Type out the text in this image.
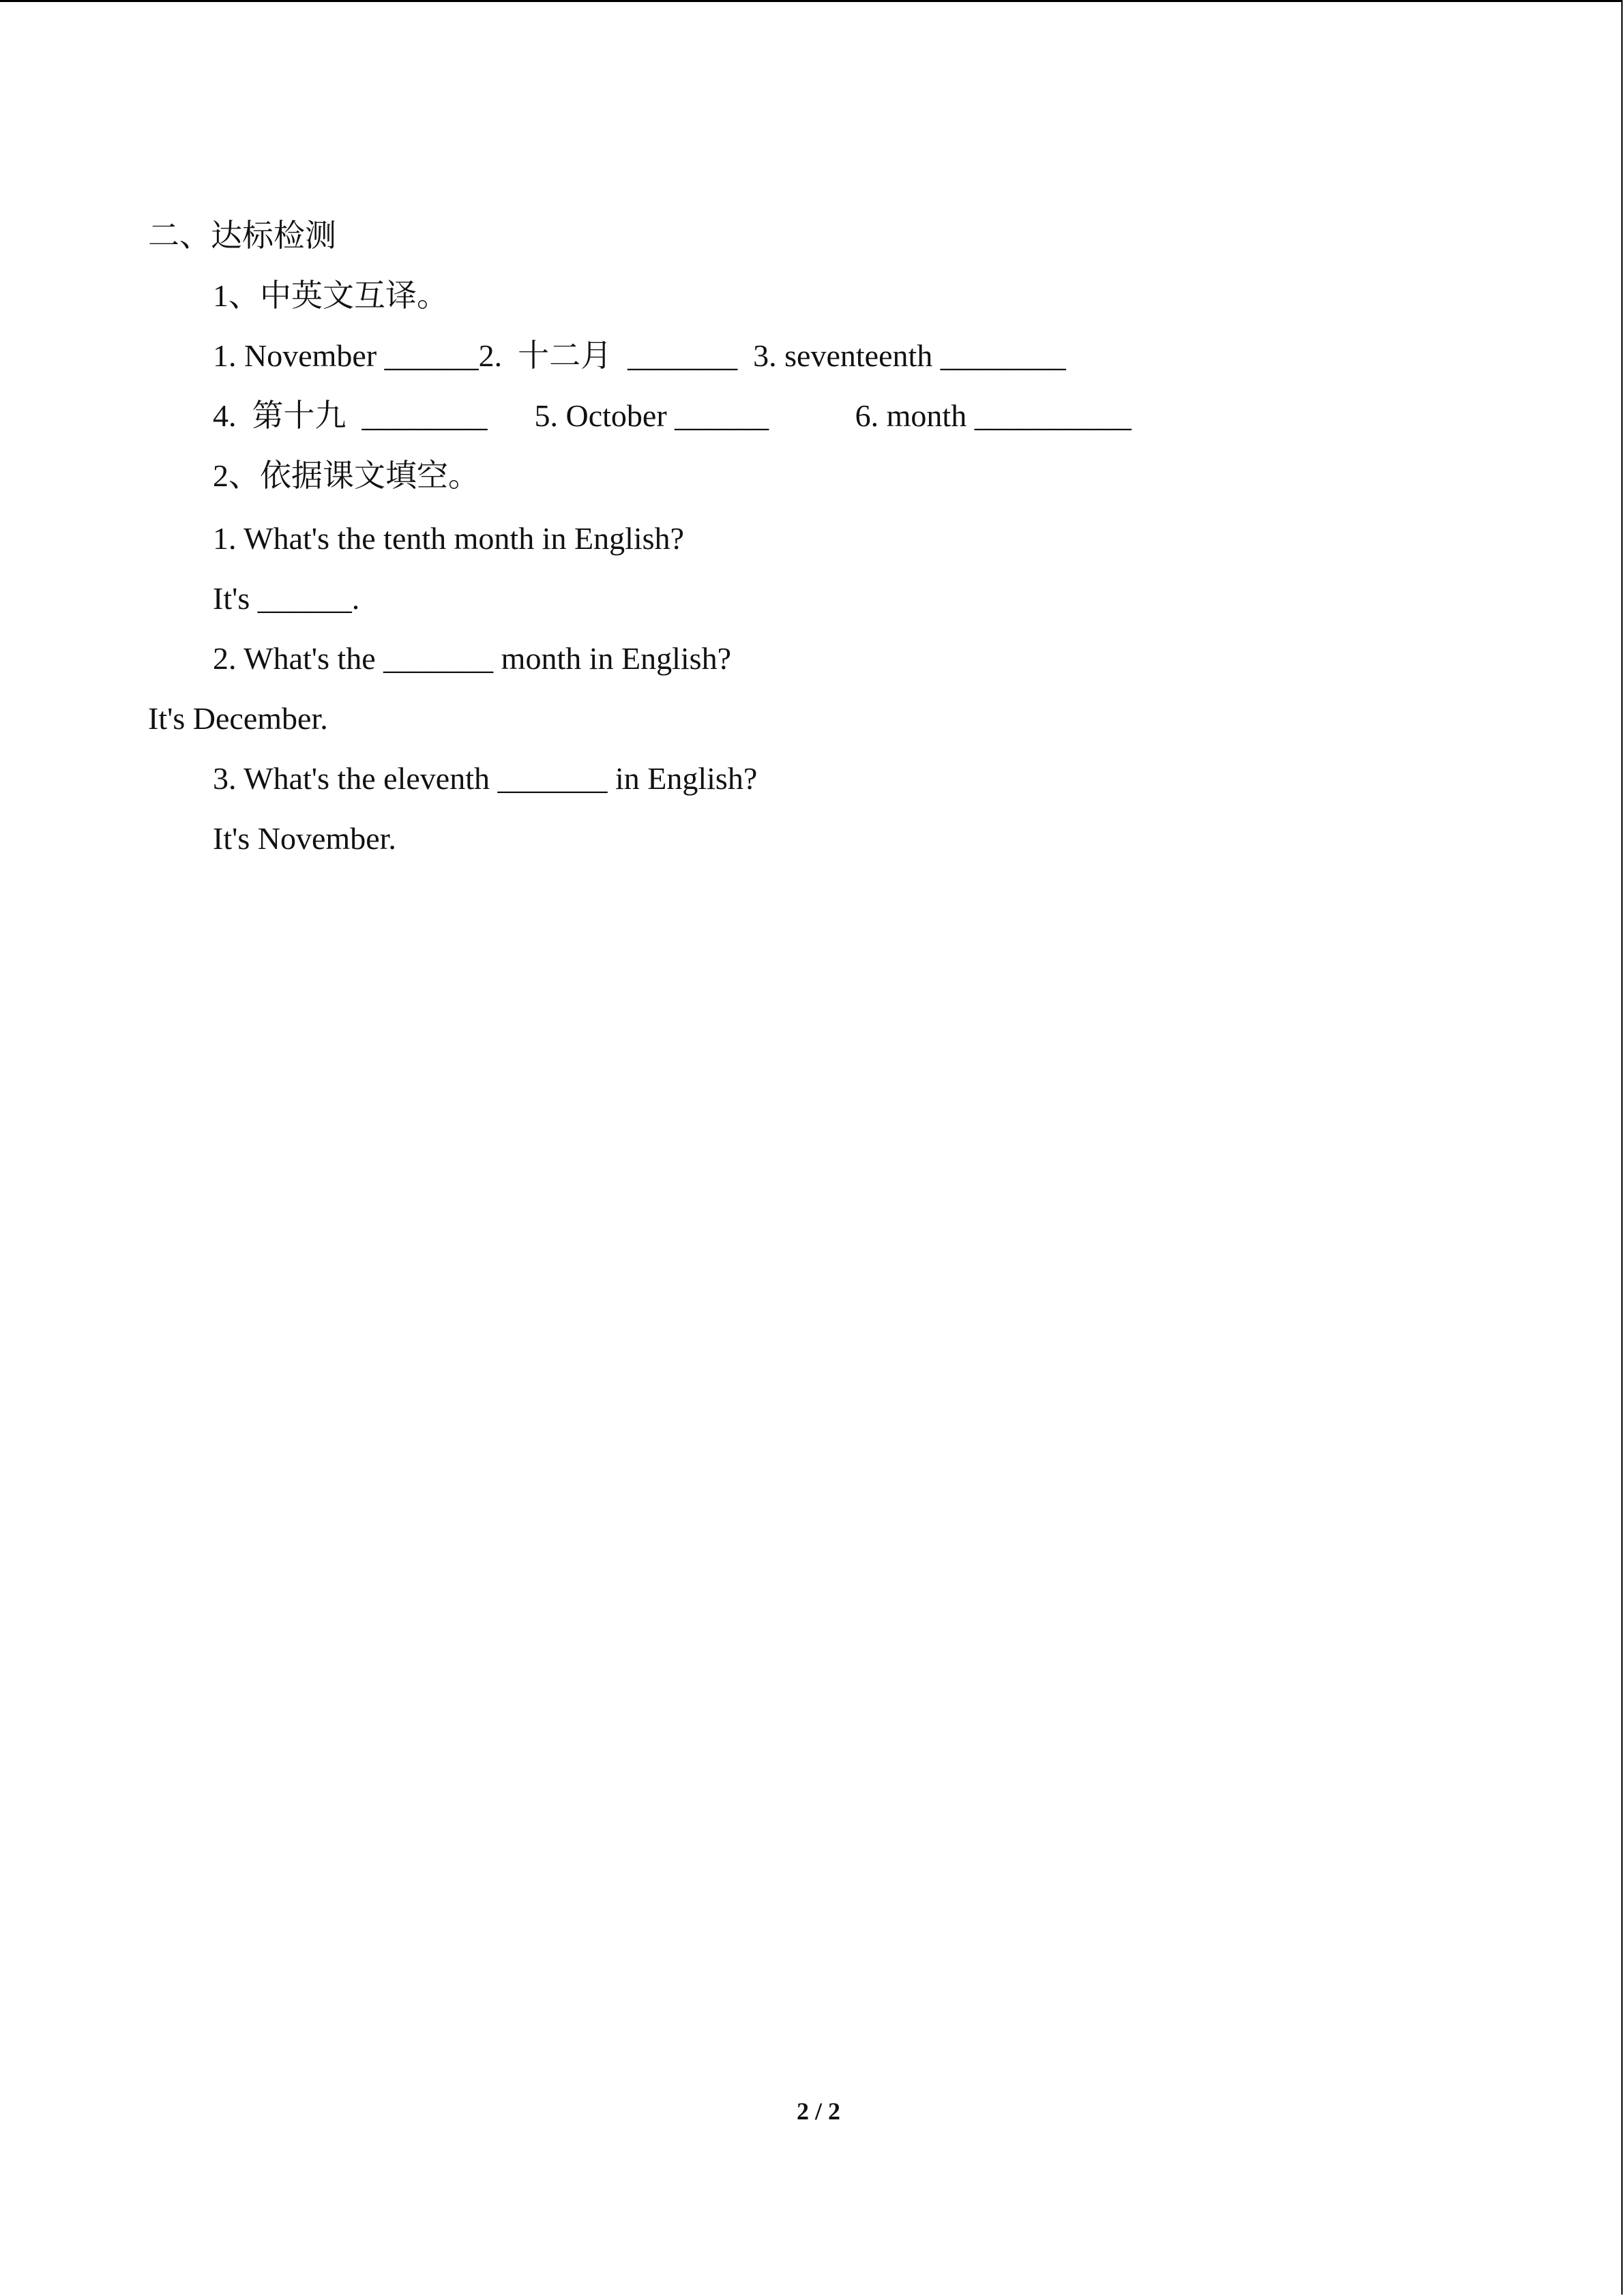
二、达标检测
1、中英文互译。
1. November ______2.  十二月  _______  3. seventeenth ________
4.  第十九  ________      5. October ______           6. month __________
2、依据课文填空。
1. What's the tenth month in English?
It's ______.
2. What's the _______ month in English?
It's December.
3. What's the eleventh _______ in English?
It's November.
2 / 2
